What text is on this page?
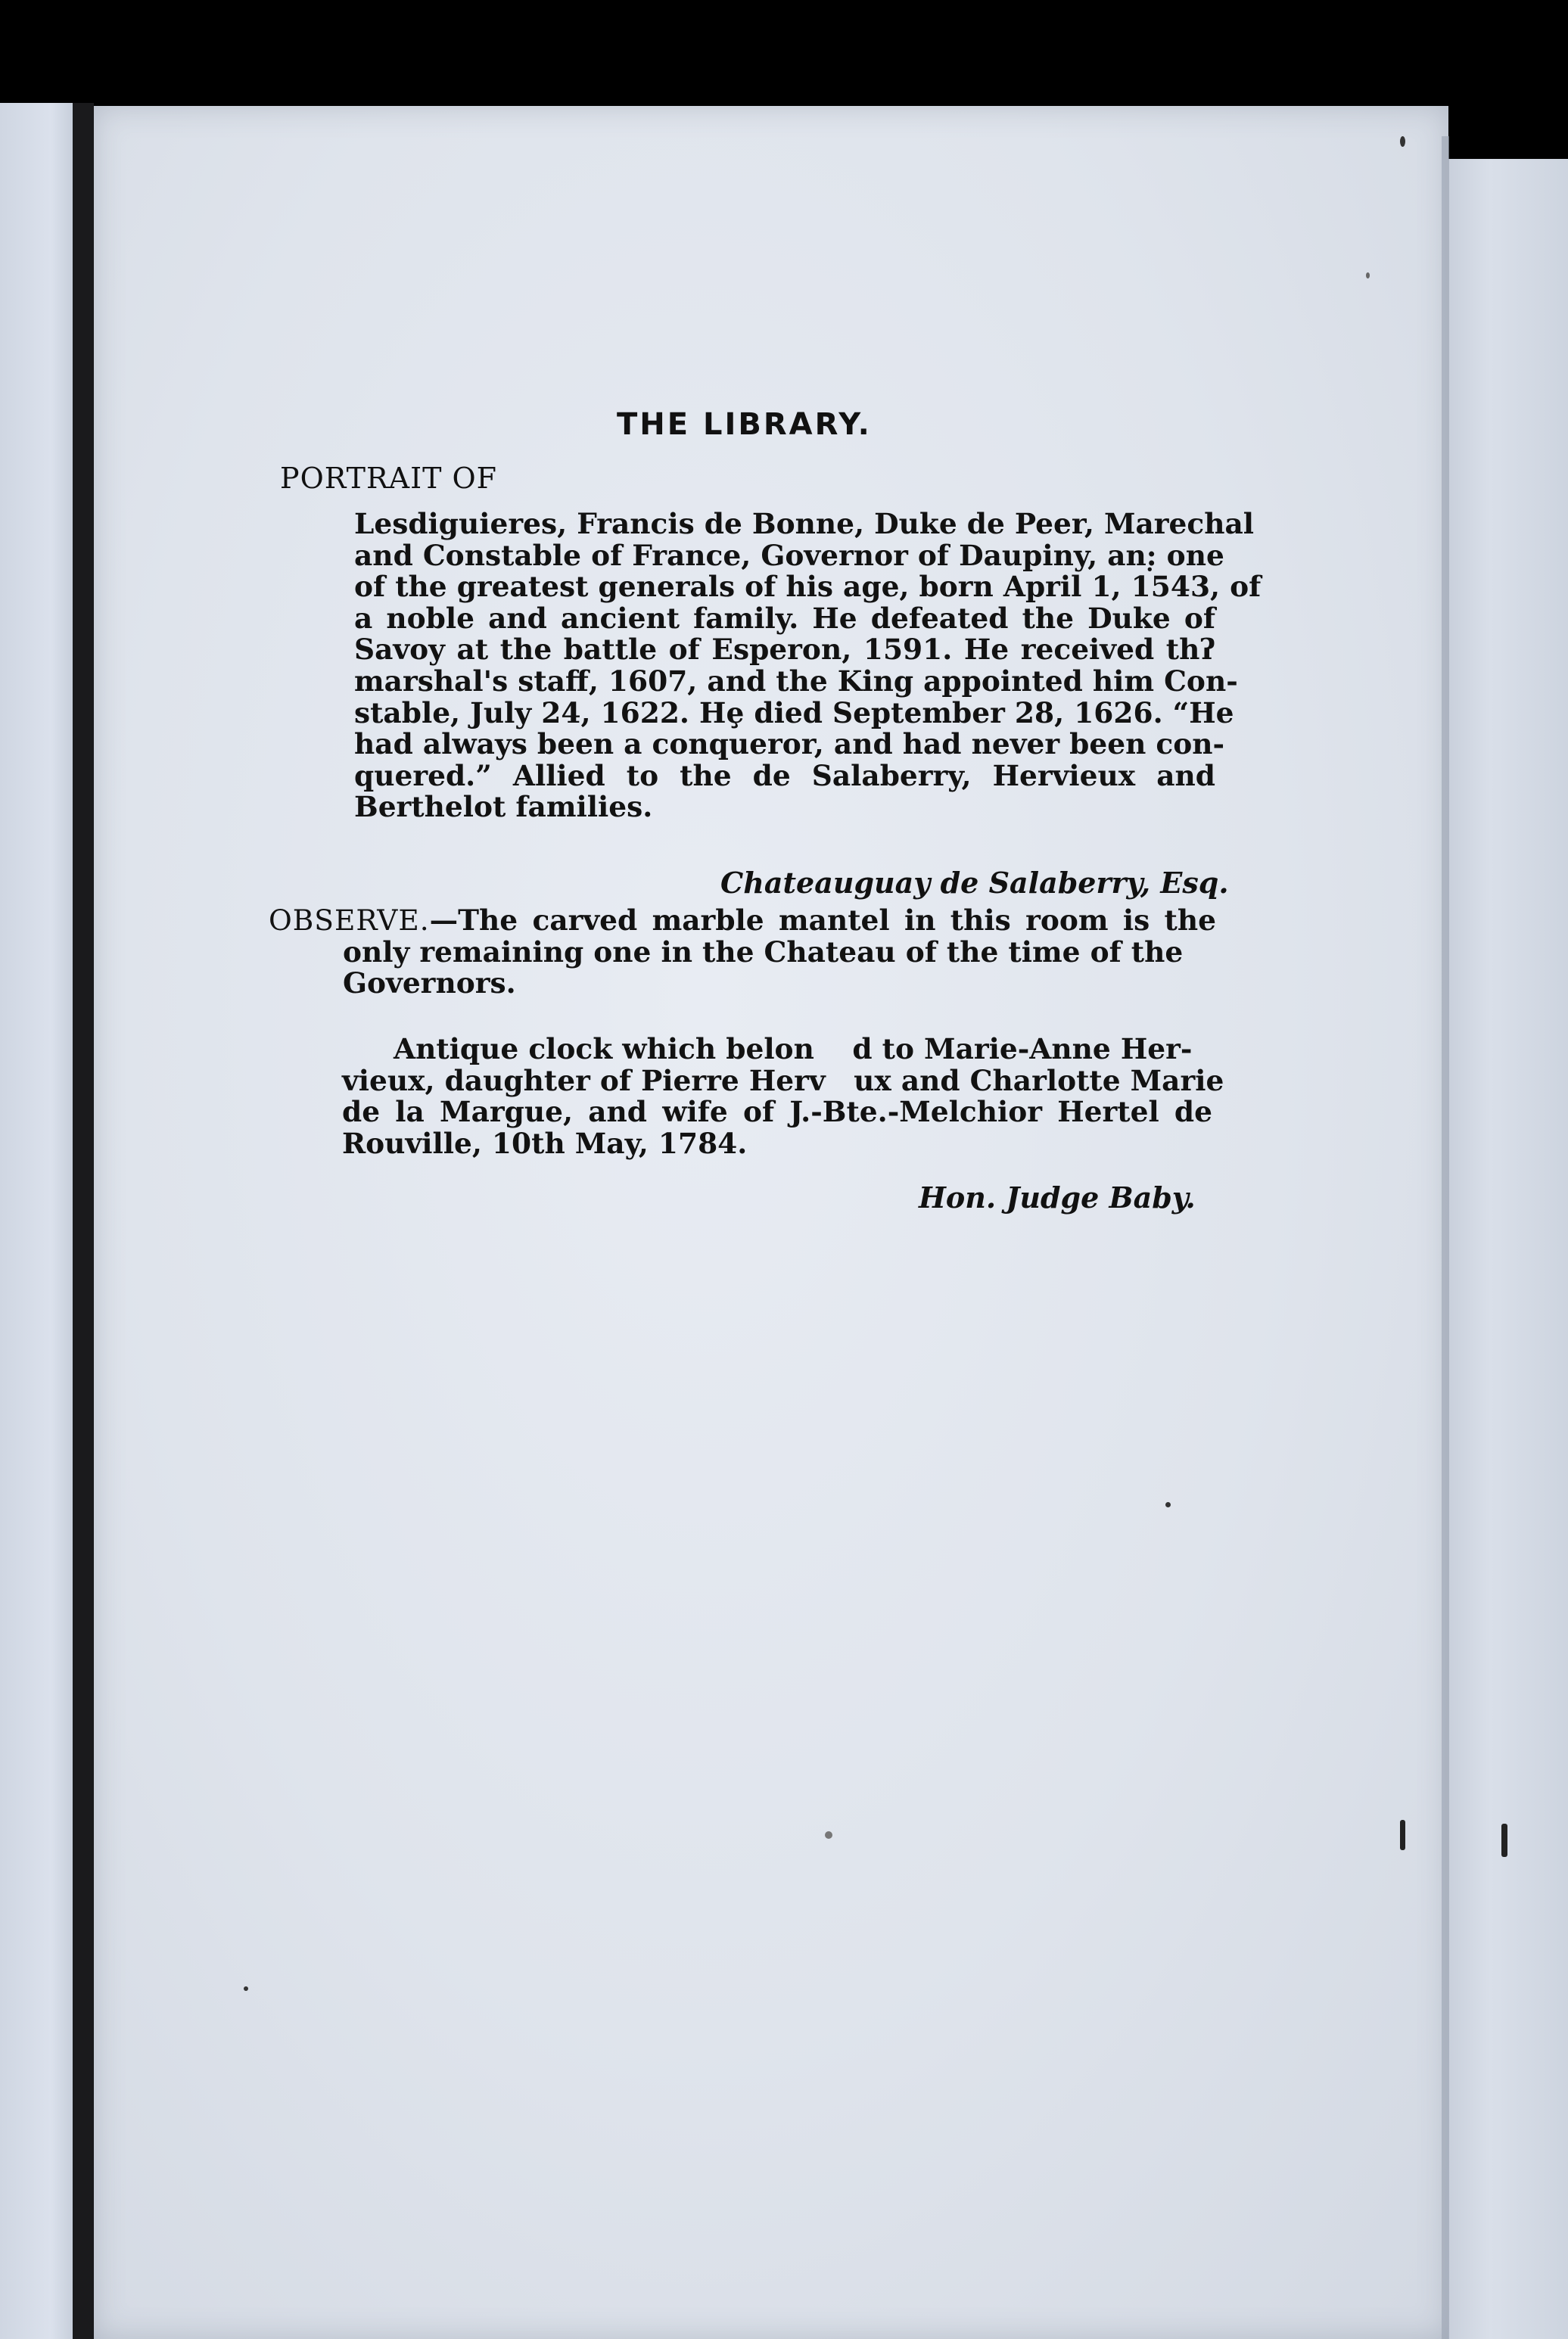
THE LIBRARY.
PORTRAIT OF
Lesdiguieres, Francis de Bonne, Duke de Peer, Marechal
and Constable of France, Governor of Daupiny, an:̣ one
of the greatest generals of his age, born April 1, 1543, of
a noble and ancient family. He defeated the Duke of
Savoy at the battle of Esperon, 1591. He received thʔ
marshal's staff, 1607, and the King appointed him Con-
stable, July 24, 1622. Hȩ died September 28, 1626. “He
had always been a conqueror, and had never been con-
quered.” Allied to the de Salaberry, Hervieux and
Berthelot families.
Chateauguay de Salaberry, Esq.
OBSERVE.—The carved marble mantel in this room is the
only remaining one in the Chateau of the time of the
Governors.
Antique clock which belon  d to Marie-Anne Her-
vieux, daughter of Pierre Herv ux and Charlotte Marie
de la Margue, and wife of J.-Bte.-Melchior Hertel de
Rouville, 10th May, 1784.
Hon. Judge Baby.
